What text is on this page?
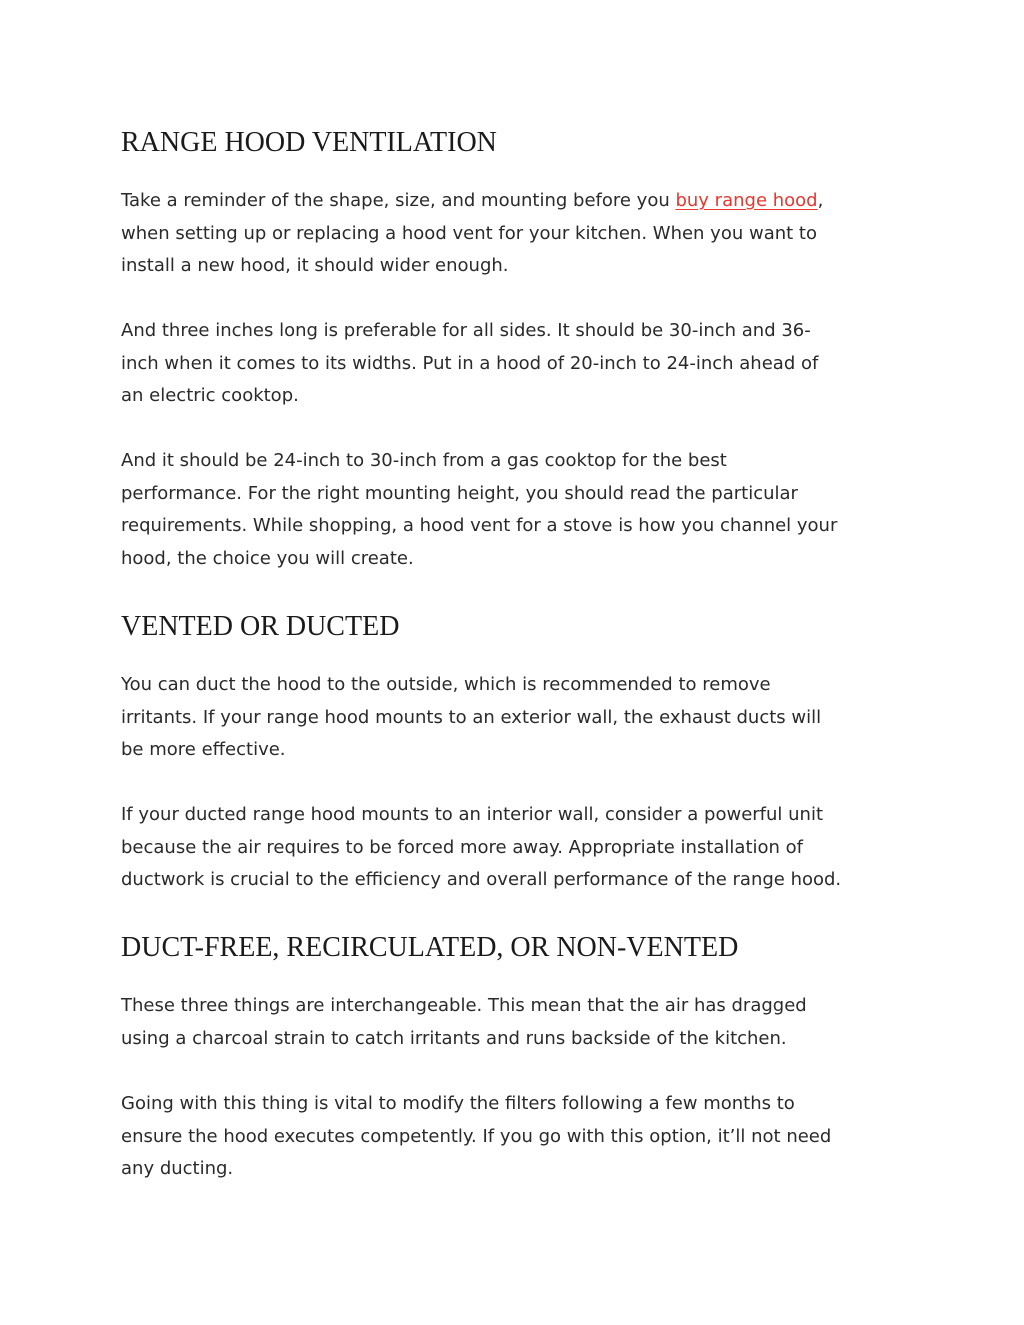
RANGE HOOD VENTILATION

Take a reminder of the shape, size, and mounting before you buy range hood,
when setting up or replacing a hood vent for your kitchen. When you want to
install a new hood, it should wider enough.

And three inches long is preferable for all sides. It should be 30-inch and 36-
inch when it comes to its widths. Put in a hood of 20-inch to 24-inch ahead of
an electric cooktop.

And it should be 24-inch to 30-inch from a gas cooktop for the best
performance. For the right mounting height, you should read the particular
requirements. While shopping, a hood vent for a stove is how you channel your
hood, the choice you will create.

VENTED OR DUCTED

You can duct the hood to the outside, which is recommended to remove
irritants. If your range hood mounts to an exterior wall, the exhaust ducts will
be more effective.

If your ducted range hood mounts to an interior wall, consider a powerful unit
because the air requires to be forced more away. Appropriate installation of
ductwork is crucial to the efficiency and overall performance of the range hood.

DUCT-FREE, RECIRCULATED, OR NON-VENTED

These three things are interchangeable. This mean that the air has dragged
using a charcoal strain to catch irritants and runs backside of the kitchen.

Going with this thing is vital to modify the filters following a few months to
ensure the hood executes competently. If you go with this option, it’ll not need
any ducting.
